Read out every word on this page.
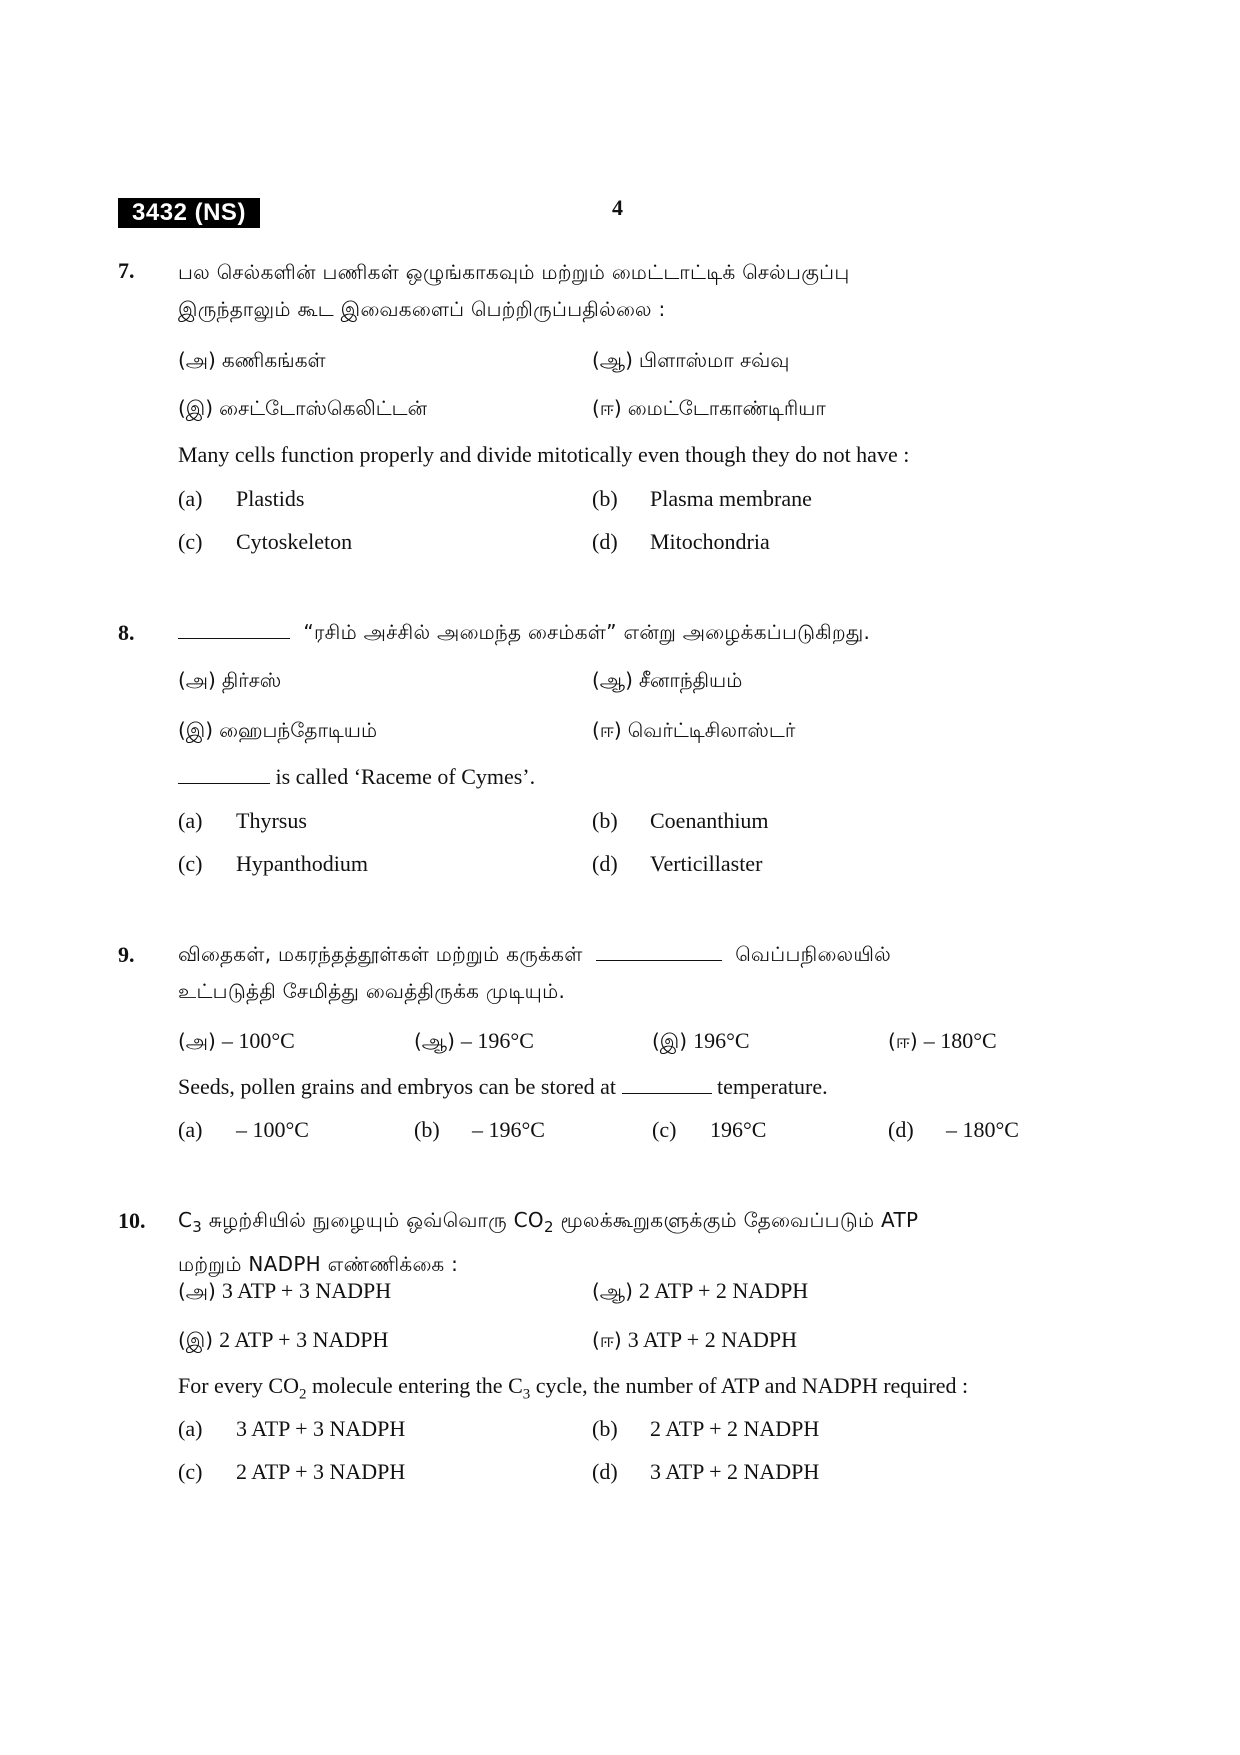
3432 (NS)	4
7. பல செல்களின் பணிகள் ஒழுங்காகவும் மற்றும் மைட்டாட்டிக் செல்பகுப்பு
இருந்தாலும் கூட இவைகளைப் பெற்றிருப்பதில்லை :
(அ) கணிகங்கள்	(ஆ) பிளாஸ்மா சவ்வு
(இ) சைட்டோஸ்கெலிட்டன்	(ஈ) மைட்டோகாண்டிரியா
Many cells function properly and divide mitotically even though they do not have :
(a) Plastids	(b) Plasma membrane
(c) Cytoskeleton	(d) Mitochondria
8.	“ரசிம் அச்சில் அமைந்த சைம்கள்” என்று அழைக்கப்படுகிறது.
(அ) திர்சஸ்	(ஆ) சீனாந்தியம்
(இ) ஹைபந்தோடியம்	(ஈ) வெர்ட்டிசிலாஸ்டர்
is called ‘Raceme of Cymes’.
(a) Thyrsus	(b) Coenanthium
(c) Hypanthodium	(d) Verticillaster
9. விதைகள், மகரந்தத்தூள்கள் மற்றும் கருக்கள்	வெப்பநிலையில்
உட்படுத்தி சேமித்து வைத்திருக்க முடியும்.
(அ) – 100°C	(ஆ) – 196°C	(இ) 196°C	(ஈ) – 180°C
Seeds, pollen grains and embryos can be stored at	temperature.
(a) – 100°C	(b) – 196°C	(c) 196°C	(d) – 180°C
10. $C_3$ சுழற்சியில் நுழையும் ஒவ்வொரு $CO_2$ மூலக்கூறுகளுக்கும் தேவைப்படும் ATP
மற்றும் NADPH எண்ணிக்கை :
(அ) 3 ATP + 3 NADPH	(ஆ) 2 ATP + 2 NADPH
(இ) 2 ATP + 3 NADPH	(ஈ) 3 ATP + 2 NADPH
For every $CO_2$ molecule entering the $C_3$ cycle, the number of ATP and NADPH required :
(a) 3 ATP + 3 NADPH	(b) 2 ATP + 2 NADPH
(c) 2 ATP + 3 NADPH	(d) 3 ATP + 2 NADPH
